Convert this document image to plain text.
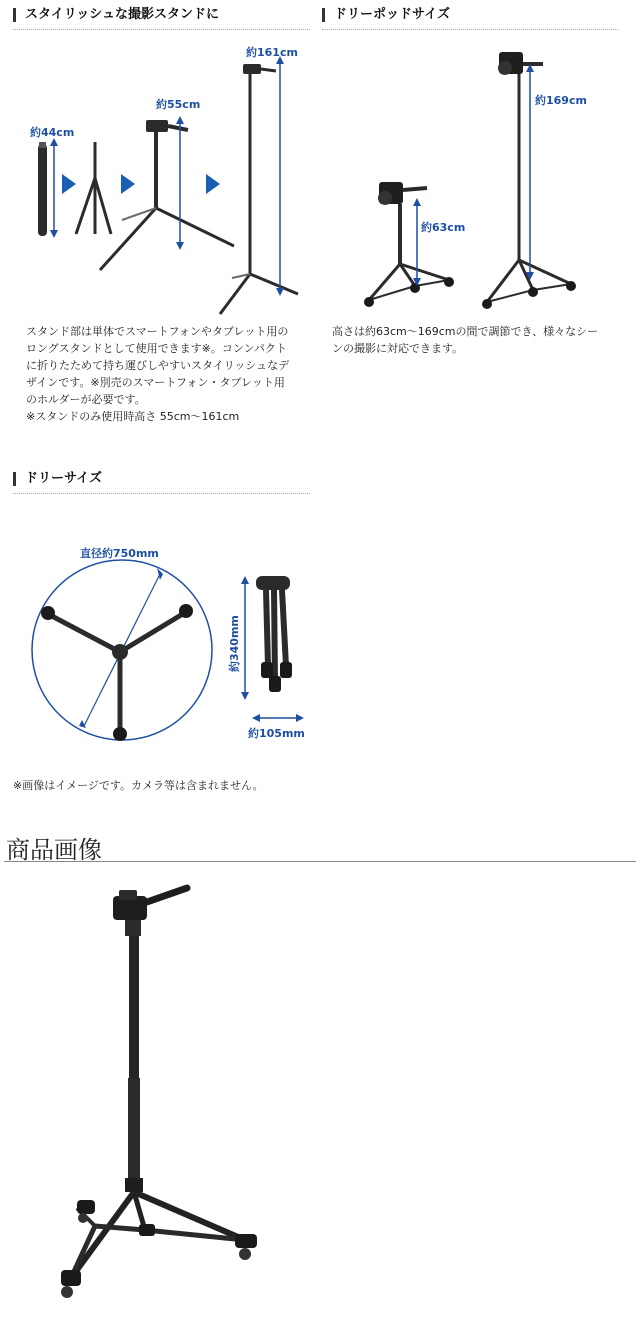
スタイリッシュな撮影スタンドに
約44cm
約55cm
約161cm
スタンド部は単体でスマートフォンやタブレット用の
ロングスタンドとして使用できます※。コンンパクト
に折りたためて持ち運びしやすいスタイリッシュなデ
ザインです。※別売のスマートフォン・タブレット用
のホルダーが必要です。
※スタンドのみ使用時高さ 55cm〜161cm
ドリーポッドサイズ
約63cm
約169cm
高さは約63cm〜169cmの間で調節でき、様々なシー
ンの撮影に対応できます。
ドリーサイズ
直径約750mm
約340mm
約105mm
※画像はイメージです。カメラ等は含まれません。
商品画像
